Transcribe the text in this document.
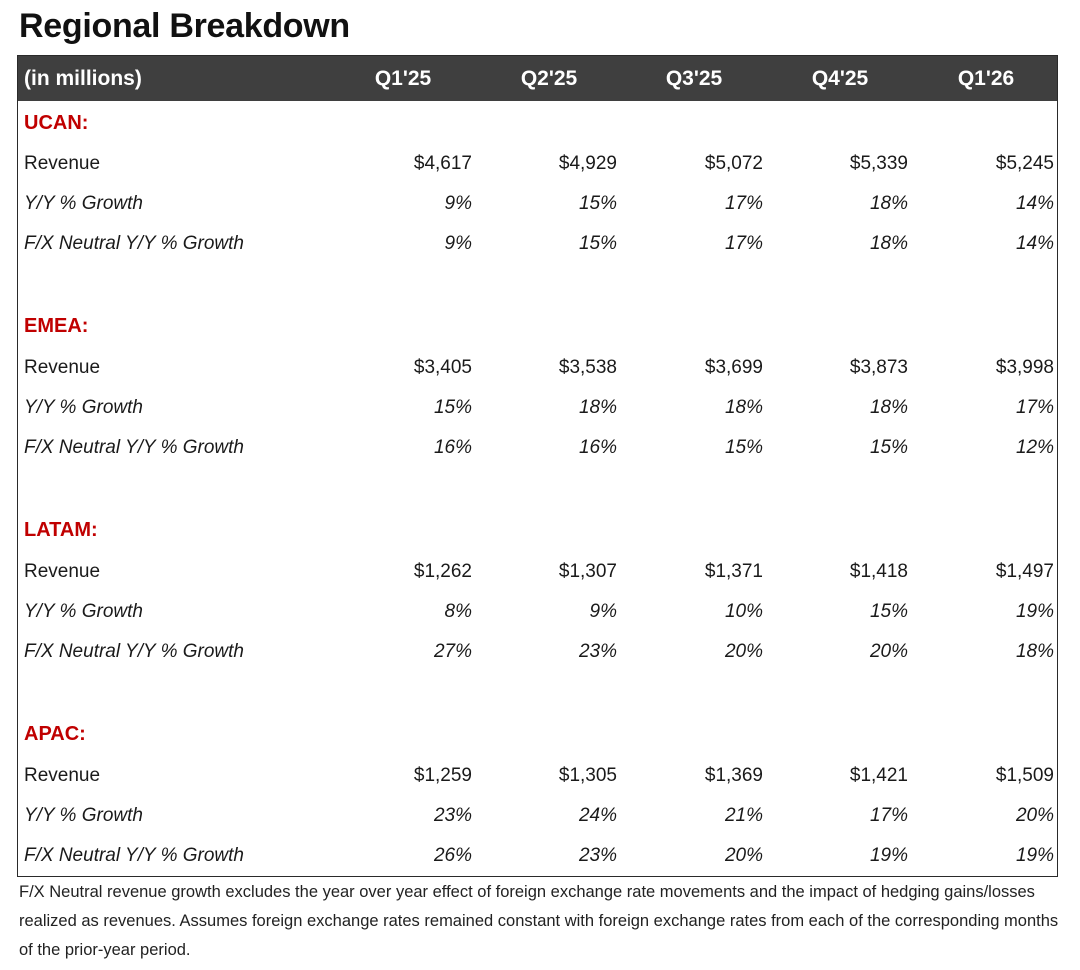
Regional Breakdown
(in millions)	Q1'25	Q2'25	Q3'25	Q4'25	Q1'26
UCAN:
Revenue	$4,617	$4,929	$5,072	$5,339	$5,245
Y/Y % Growth	9%	15%	17%	18%	14%
F/X Neutral Y/Y % Growth	9%	15%	17%	18%	14%
EMEA:
Revenue	$3,405	$3,538	$3,699	$3,873	$3,998
Y/Y % Growth	15%	18%	18%	18%	17%
F/X Neutral Y/Y % Growth	16%	16%	15%	15%	12%
LATAM:
Revenue	$1,262	$1,307	$1,371	$1,418	$1,497
Y/Y % Growth	8%	9%	10%	15%	19%
F/X Neutral Y/Y % Growth	27%	23%	20%	20%	18%
APAC:
Revenue	$1,259	$1,305	$1,369	$1,421	$1,509
Y/Y % Growth	23%	24%	21%	17%	20%
F/X Neutral Y/Y % Growth	26%	23%	20%	19%	19%

F/X Neutral revenue growth excludes the year over year effect of foreign exchange rate movements and the impact of hedging gains/losses realized as revenues. Assumes foreign exchange rates remained constant with foreign exchange rates from each of the corresponding months of the prior-year period.
